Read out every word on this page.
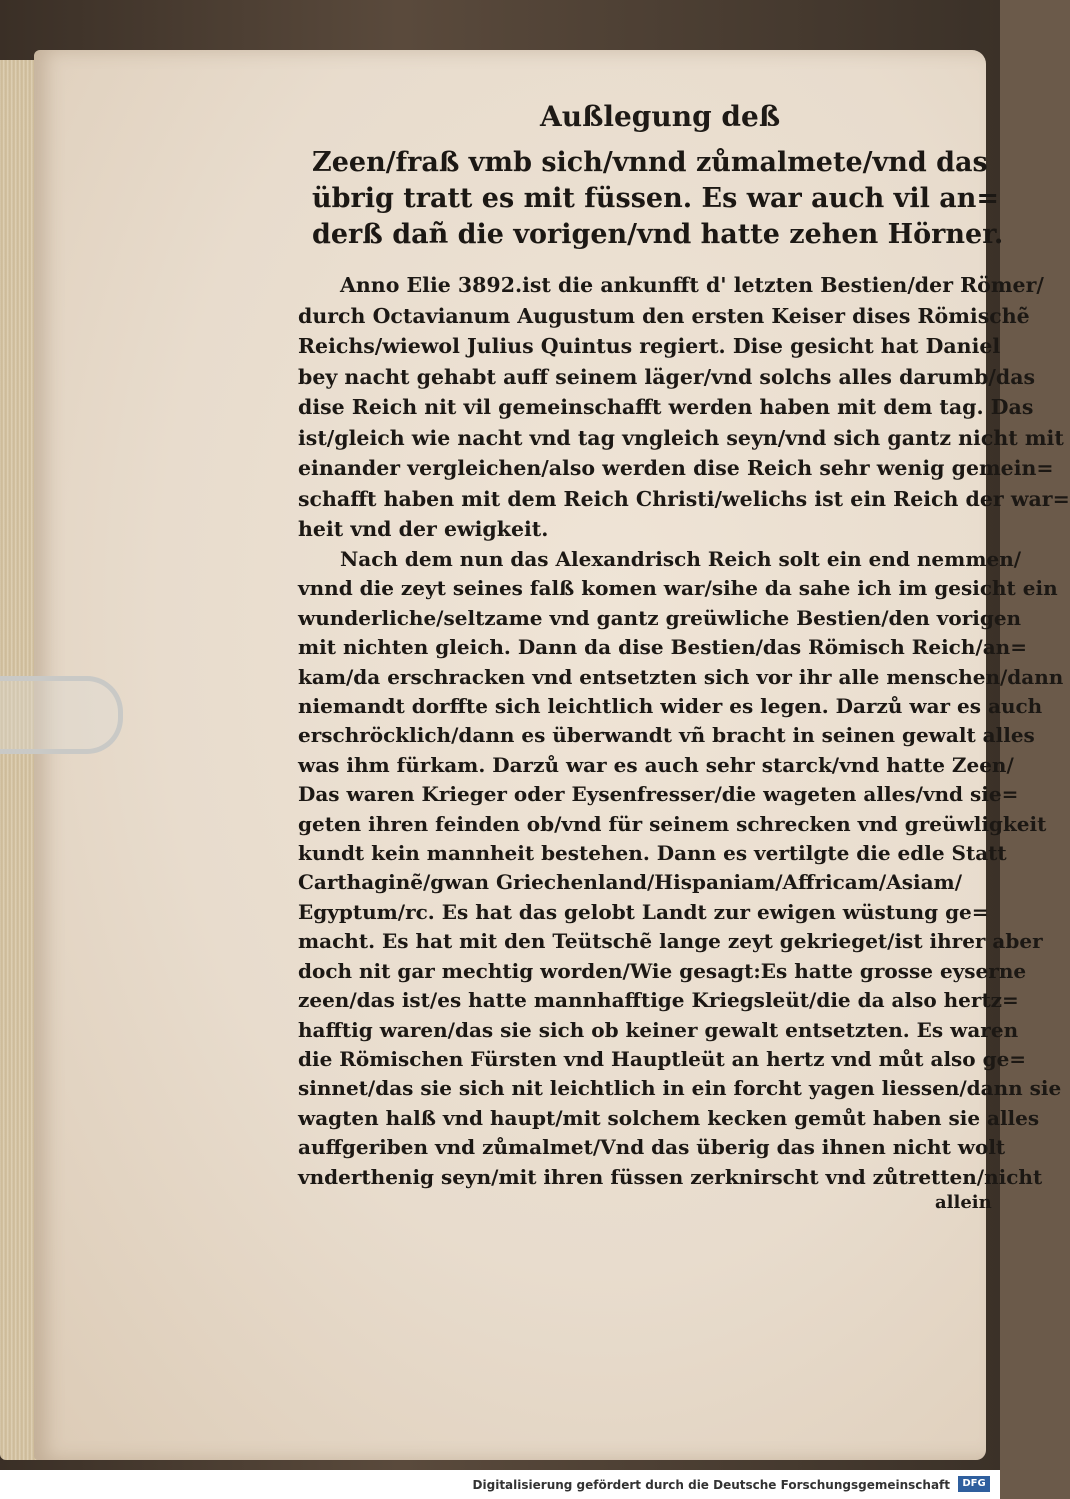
Außlegung deß
Zeen/fraß vmb sich/vnnd zůmalmete/vnd das
übrig tratt es mit füssen. Es war auch vil an=
derß dañ die vorigen/vnd hatte zehen Hörner.
Anno Elie 3892.ist die ankunfft d' letzten Bestien/der Römer/
durch Octavianum Augustum den ersten Keiser dises Römischẽ
Reichs/wiewol Julius Quintus regiert. Dise gesicht hat Daniel
bey nacht gehabt auff seinem läger/vnd solchs alles darumb/das
dise Reich nit vil gemeinschafft werden haben mit dem tag. Das
ist/gleich wie nacht vnd tag vngleich seyn/vnd sich gantz nicht mit
einander vergleichen/also werden dise Reich sehr wenig gemein=
schafft haben mit dem Reich Christi/welichs ist ein Reich der war=
heit vnd der ewigkeit.
Nach dem nun das Alexandrisch Reich solt ein end nemmen/
vnnd die zeyt seines falß komen war/sihe da sahe ich im gesicht ein
wunderliche/seltzame vnd gantz greüwliche Bestien/den vorigen
mit nichten gleich. Dann da dise Bestien/das Römisch Reich/an=
kam/da erschracken vnd entsetzten sich vor ihr alle menschen/dann
niemandt dorffte sich leichtlich wider es legen. Darzů war es auch
erschröcklich/dann es überwandt vñ bracht in seinen gewalt alles
was ihm fürkam. Darzů war es auch sehr starck/vnd hatte Zeen/
Das waren Krieger oder Eysenfresser/die wageten alles/vnd sie=
geten ihren feinden ob/vnd für seinem schrecken vnd greüwligkeit
kundt kein mannheit bestehen. Dann es vertilgte die edle Statt
Carthaginẽ/gwan Griechenland/Hispaniam/Affricam/Asiam/
Egyptum/rc. Es hat das gelobt Landt zur ewigen wüstung ge=
macht. Es hat mit den Teütschẽ lange zeyt gekrieget/ist ihrer aber
doch nit gar mechtig worden/Wie gesagt:Es hatte grosse eyserne
zeen/das ist/es hatte mannhafftige Kriegsleüt/die da also hertz=
hafftig waren/das sie sich ob keiner gewalt entsetzten. Es waren
die Römischen Fürsten vnd Hauptleüt an hertz vnd můt also ge=
sinnet/das sie sich nit leichtlich in ein forcht yagen liessen/dann sie
wagten halß vnd haupt/mit solchem kecken gemůt haben sie alles
auffgeriben vnd zůmalmet/Vnd das überig das ihnen nicht wolt
vnderthenig seyn/mit ihren füssen zerknirscht vnd zůtretten/nicht
allein
Digitalisierung gefördert durch die Deutsche Forschungsgemeinschaft	DFG
